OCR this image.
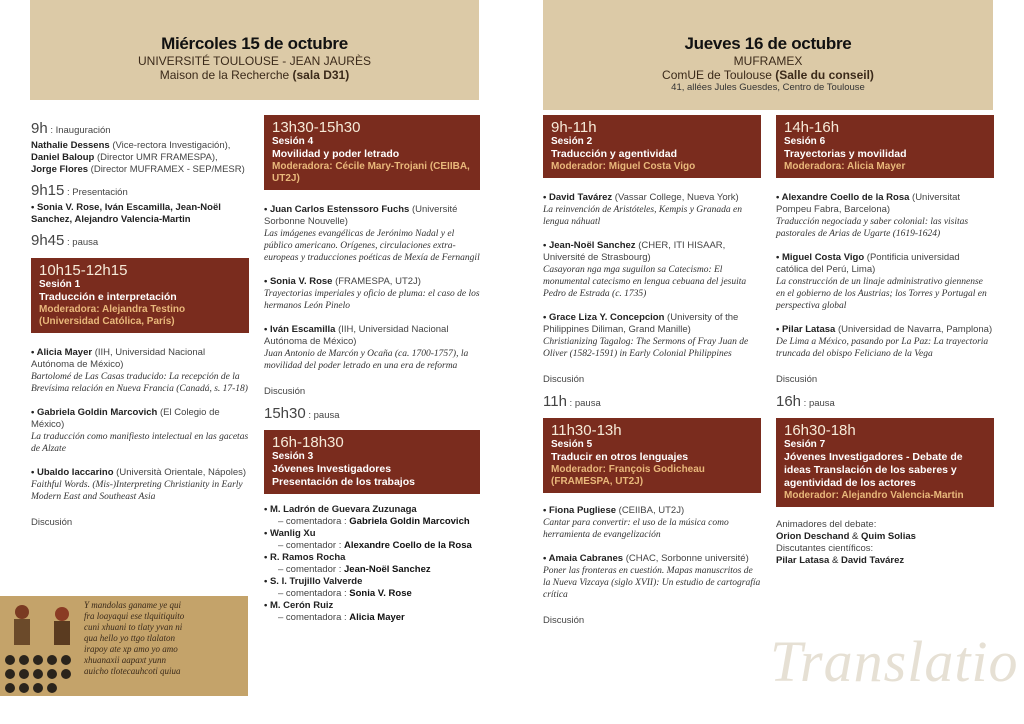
Miércoles 15 de octubre
UNIVERSITÉ TOULOUSE - JEAN JAURÈS
Maison de la Recherche (sala D31)
Jueves 16 de octubre
MUFRAMEX
ComUE de Toulouse (Salle du conseil)
41, allées Jules Guesdes, Centro de Toulouse
9h : Inauguración
Nathalie Dessens (Vice-rectora Investigación),
Daniel Baloup (Director UMR FRAMESPA),
Jorge Flores (Director MUFRAMEX - SEP/MESR)
9h15 : Presentación
• Sonia V. Rose, Iván Escamilla, Jean-Noël Sanchez, Alejandro Valencia-Martin
9h45 : pausa
10h15-12h15
Sesión 1
Traducción e interpretación
Moderadora: Alejandra Testino (Universidad Católica, París)
• Alicia Mayer (IIH, Universidad Nacional Autónoma de México)
Bartolomé de Las Casas traducido: La recepción de la Brevísima relación en Nueva Francia (Canadá, s. 17-18)
• Gabriela Goldin Marcovich (El Colegio de México)
La traducción como manifiesto intelectual en las gacetas de Alzate
• Ubaldo Iaccarino (Università Orientale, Nápoles)
Faithful Words. (Mis-)Interpreting Christianity in Early Modern East and Southeast Asia
Discusión
Y mandolas ganame ye qui fra loayaqui ese tlquitiquito cuni xhuani to tlaty yvan ni qua hello yo ttgo tlalaton irapoy ate xp amo yo amo xhuanaxii aapaxt yunn auicho tlotecauhcoti quiua
13h30-15h30
Sesión 4
Movilidad y poder letrado
Moderadora: Cécile Mary-Trojani (CEIIBA, UT2J)
• Juan Carlos Estenssoro Fuchs (Université Sorbonne Nouvelle)
Las imágenes evangélicas de Jerónimo Nadal y el público americano. Orígenes, circulaciones extra-europeas y traducciones poéticas de Mexía de Fernangil
• Sonia V. Rose (FRAMESPA, UT2J)
Trayectorias imperiales y oficio de pluma: el caso de los hermanos León Pinelo
• Iván Escamilla (IIH, Universidad Nacional Autónoma de México)
Juan Antonio de Marcón y Ocaña (ca. 1700-1757), la movilidad del poder letrado en una era de reforma
Discusión
15h30 : pausa
16h-18h30
Sesión 3
Jóvenes Investigadores
Presentación de los trabajos
• M. Ladrón de Guevara Zuzunaga
– comentadora : Gabriela Goldin Marcovich
• Wanlig Xu
– comentador : Alexandre Coello de la Rosa
• R. Ramos Rocha
– comentador : Jean-Noël Sanchez
• S. I. Trujillo Valverde
– comentadora : Sonia V. Rose
• M. Cerón Ruiz
– comentadora : Alicia Mayer
9h-11h
Sesión 2
Traducción y agentividad
Moderador: Miguel Costa Vigo
• David Tavárez (Vassar College, Nueva York)
La reinvención de Aristóteles, Kempis y Granada en lengua náhuatl
• Jean-Noël Sanchez (CHER, ITI HISAAR, Université de Strasbourg)
Casayoran nga mga suguilon sa Catecismo: El monumental catecismo en lengua cebuana del jesuita Pedro de Estrada (c. 1735)
• Grace Liza Y. Concepcion (University of the Philippines Diliman, Grand Manille)
Christianizing Tagalog: The Sermons of Fray Juan de Oliver (1582-1591) in Early Colonial Philippines
Discusión
11h : pausa
11h30-13h
Sesión 5
Traducir en otros lenguajes
Moderador: François Godicheau (FRAMESPA, UT2J)
• Fiona Pugliese (CEIIBA, UT2J)
Cantar para convertir: el uso de la música como herramienta de evangelización
• Amaia Cabranes (CHAC, Sorbonne université)
Poner las fronteras en cuestión. Mapas manuscritos de la Nueva Vizcaya (siglo XVII): Un estudio de cartografía crítica
Discusión
14h-16h
Sesión 6
Trayectorias y movilidad
Moderadora: Alicia Mayer
• Alexandre Coello de la Rosa (Universitat Pompeu Fabra, Barcelona)
Traducción negociada y saber colonial: las visitas pastorales de Arias de Ugarte (1619-1624)
• Miguel Costa Vigo (Pontificia universidad católica del Perú, Lima)
La construcción de un linaje administrativo giennense en el gobierno de los Austrias; los Torres y Portugal en perspectiva global
• Pilar Latasa (Universidad de Navarra, Pamplona)
De Lima a México, pasando por La Paz: La trayectoria truncada del obispo Feliciano de la Vega
Discusión
16h : pausa
16h30-18h
Sesión 7
Jóvenes Investigadores - Debate de ideas Translación de los saberes y agentividad de los actores
Moderador: Alejandro Valencia-Martin
Animadores del debate:
Orion Deschand & Quim Solias
Discutantes científicos:
Pilar Latasa & David Tavárez
Translatio
